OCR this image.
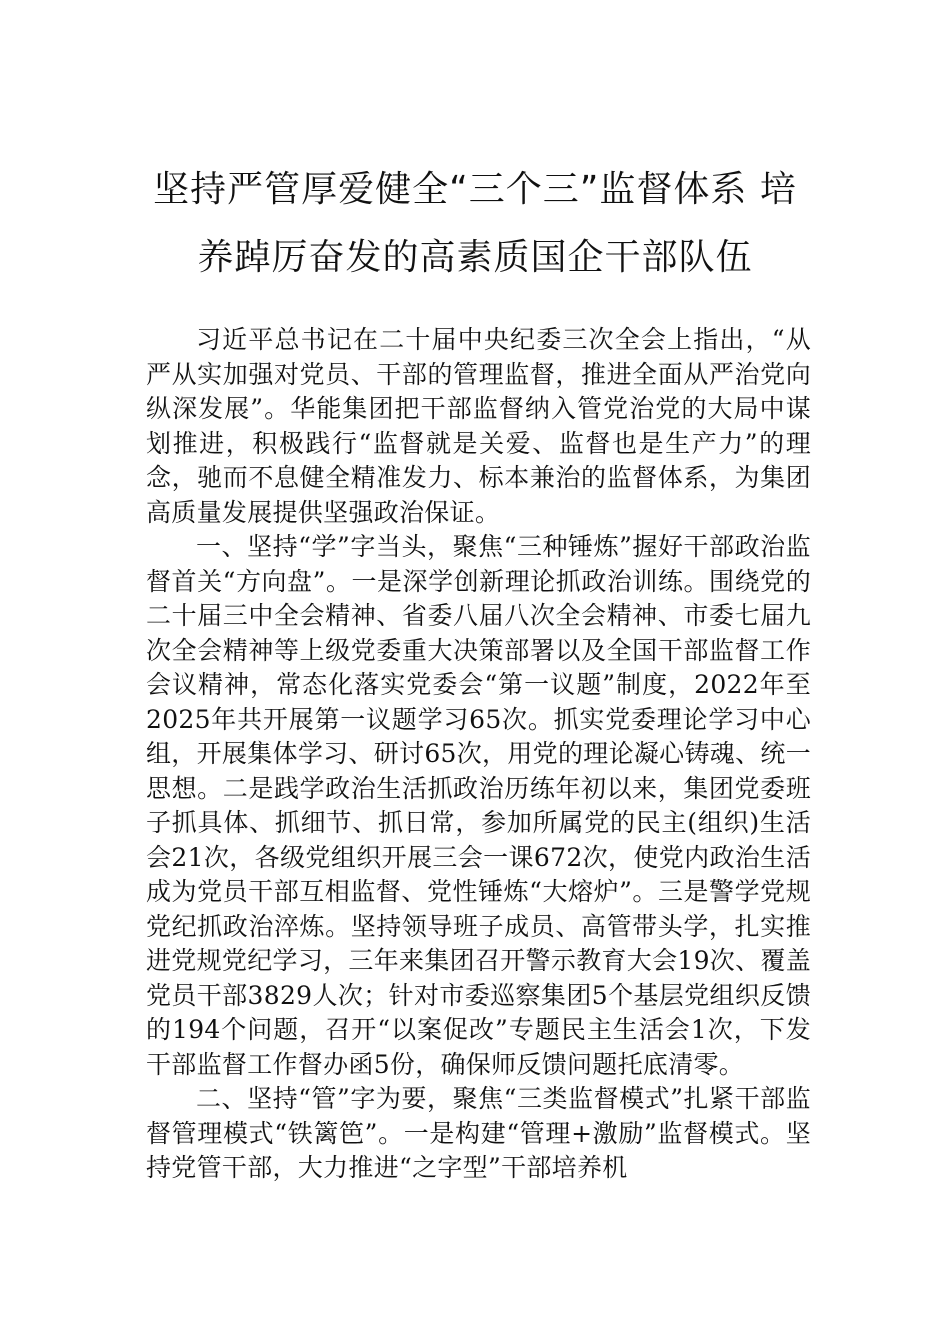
坚持严管厚爱健全“三个三”监督体系 培
养踔厉奋发的高素质国企干部队伍

习近平总书记在二十届中央纪委三次全会上指出，“从严从实加强对党员、干部的管理监督，推进全面从严治党向纵深发展”。华能集团把干部监督纳入管党治党的大局中谋划推进，积极践行“监督就是关爱、监督也是生产力”的理念，驰而不息健全精准发力、标本兼治的监督体系，为集团高质量发展提供坚强政治保证。

一、坚持“学”字当头，聚焦“三种锤炼”握好干部政治监督首关“方向盘”。一是深学创新理论抓政治训练。围绕党的二十届三中全会精神、省委八届八次全会精神、市委七届九次全会精神等上级党委重大决策部署以及全国干部监督工作会议精神，常态化落实党委会“第一议题”制度，2022年至2025年共开展第一议题学习65次。抓实党委理论学习中心组，开展集体学习、研讨65次，用党的理论凝心铸魂、统一思想。二是践学政治生活抓政治历练年初以来，集团党委班子抓具体、抓细节、抓日常，参加所属党的民主(组织)生活会21次，各级党组织开展三会一课672次，使党内政治生活成为党员干部互相监督、党性锤炼“大熔炉”。三是警学党规党纪抓政治淬炼。坚持领导班子成员、高管带头学，扎实推进党规党纪学习，三年来集团召开警示教育大会19次、覆盖党员干部3829人次；针对市委巡察集团5个基层党组织反馈的194个问题，召开“以案促改”专题民主生活会1次，下发干部监督工作督办函5份，确保师反馈问题托底清零。

二、坚持“管”字为要，聚焦“三类监督模式”扎紧干部监督管理模式“铁篱笆”。一是构建“管理+激励”监督模式。坚持党管干部，大力推进“之字型”干部培养机
